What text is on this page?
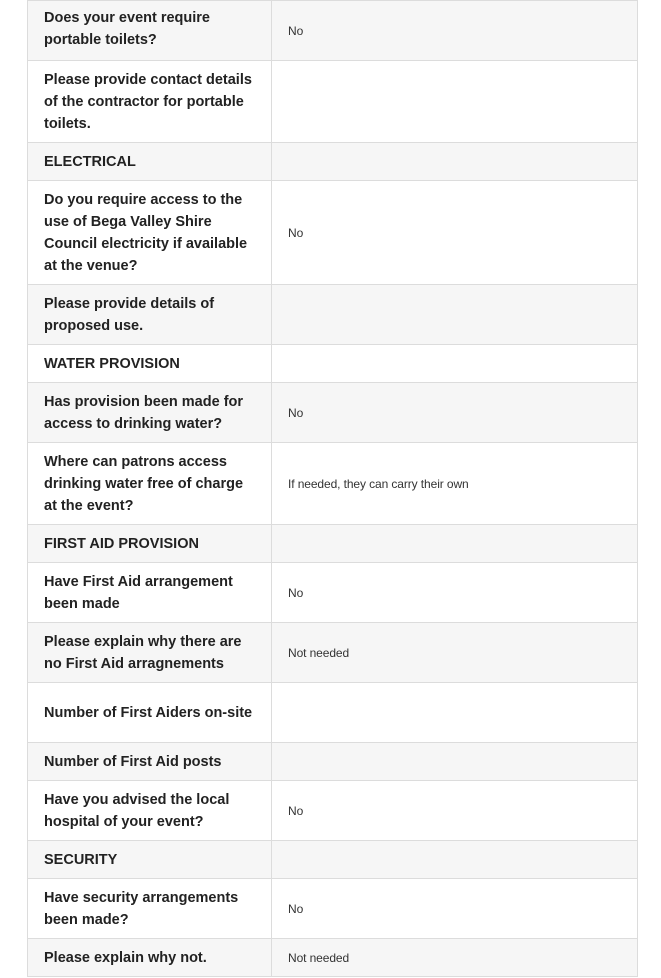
Does your event require portable toilets?	No

Please provide contact details of the contractor for portable toilets.	

ELECTRICAL	

Do you require access to the use of Bega Valley Shire Council electricity if available at the venue?	No

Please provide details of proposed use.	

WATER PROVISION	

Has provision been made for access to drinking water?	No

Where can patrons access drinking water free of charge at the event?	If needed, they can carry their own

FIRST AID PROVISION	

Have First Aid arrangement been made	No

Please explain why there are no First Aid arragnements	Not needed

Number of First Aiders on-site	

Number of First Aid posts	

Have you advised the local hospital of your event?	No

SECURITY	

Have security arrangements been made?	No

Please explain why not.	Not needed
